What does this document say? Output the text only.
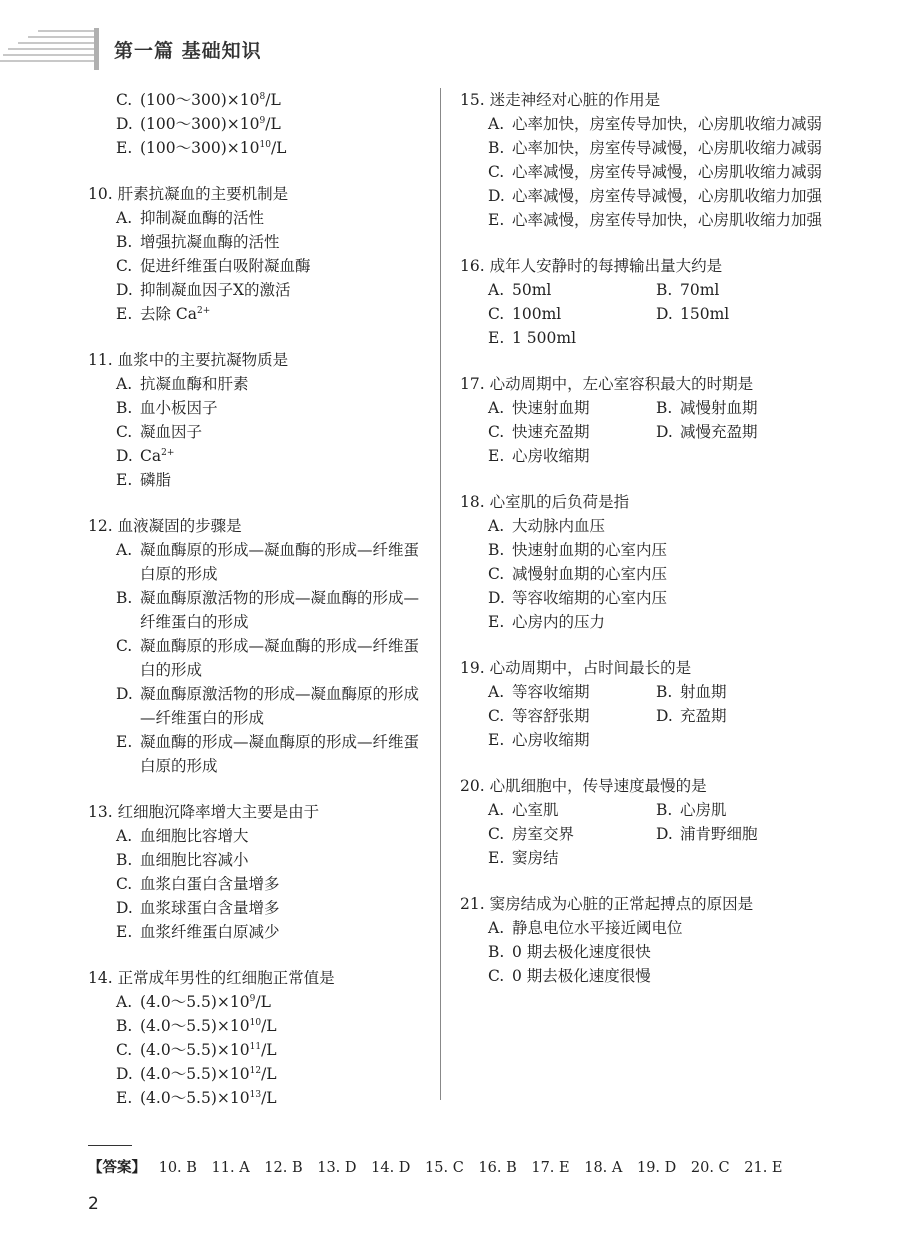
第一篇 基础知识
C. $(100\sim 300)\times 10^8/L$
D. $(100\sim 300)\times 10^9/L$
E. $(100\sim 300)\times 10^{10}/L$
10.
肝素抗凝血的主要机制是
A. 抑制凝血酶的活性
B. 增强抗凝血酶的活性
C. 促进纤维蛋白吸附凝血酶
D. 抑制凝血因子Ⅹ的激活
E. 去除 $Ca^{2+}$
11.
血浆中的主要抗凝物质是
A. 抗凝血酶和肝素
B. 血小板因子
C. 凝血因子
D. $Ca^{2+}$
E. 磷脂
12.
血液凝固的步骤是
A. 凝血酶原的形成—凝血酶的形成—纤维蛋白原的形成
B. 凝血酶原激活物的形成—凝血酶的形成—纤维蛋白的形成
C. 凝血酶原的形成—凝血酶的形成—纤维蛋白的形成
D. 凝血酶原激活物的形成—凝血酶原的形成—纤维蛋白的形成
E. 凝血酶的形成—凝血酶原的形成—纤维蛋白原的形成
13.
红细胞沉降率增大主要是由于
A. 血细胞比容增大
B. 血细胞比容减小
C. 血浆白蛋白含量增多
D. 血浆球蛋白含量增多
E. 血浆纤维蛋白原减少
14.
正常成年男性的红细胞正常值是
A. $(4.0\sim 5.5)\times 10^9/L$
B. $(4.0\sim 5.5)\times 10^{10}/L$
C. $(4.0\sim 5.5)\times 10^{11}/L$
D. $(4.0\sim 5.5)\times 10^{12}/L$
E. $(4.0\sim 5.5)\times 10^{13}/L$
15.
迷走神经对心脏的作用是
A. 心率加快，房室传导加快，心房肌收缩力减弱
B. 心率加快，房室传导减慢，心房肌收缩力减弱
C. 心率减慢，房室传导减慢，心房肌收缩力减弱
D. 心率减慢，房室传导减慢，心房肌收缩力加强
E. 心率减慢，房室传导加快，心房肌收缩力加强
16.
成年人安静时的每搏输出量大约是
A. 50ml	B. 70ml
C. 100ml	D. 150ml
E. 1 500ml
17.
心动周期中，左心室容积最大的时期是
A. 快速射血期	B. 减慢射血期
C. 快速充盈期	D. 减慢充盈期
E. 心房收缩期
18.
心室肌的后负荷是指
A. 大动脉内血压
B. 快速射血期的心室内压
C. 减慢射血期的心室内压
D. 等容收缩期的心室内压
E. 心房内的压力
19.
心动周期中，占时间最长的是
A. 等容收缩期	B. 射血期
C. 等容舒张期	D. 充盈期
E. 心房收缩期
20.
心肌细胞中，传导速度最慢的是
A. 心室肌	B. 心房肌
C. 房室交界	D. 浦肯野细胞
E. 窦房结
21.
窦房结成为心脏的正常起搏点的原因是
A. 静息电位水平接近阈电位
B. 0 期去极化速度很快
C. 0 期去极化速度很慢
【答案】 10. B 11. A 12. B 13. D 14. D 15. C 16. B 17. E 18. A 19. D 20. C 21. E
2
